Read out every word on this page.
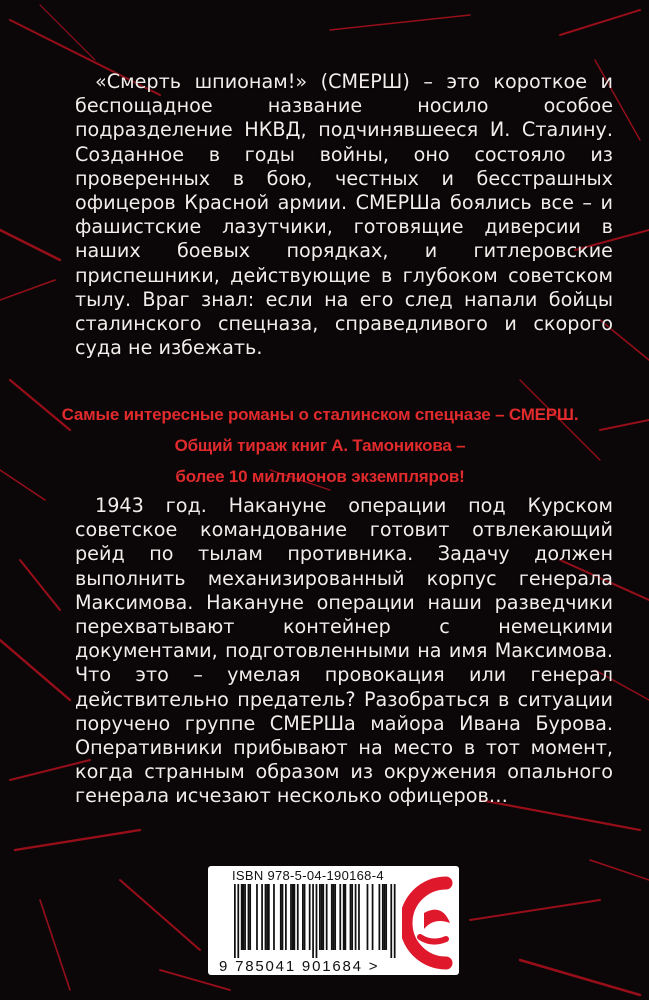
«Смерть шпионам!» (СМЕРШ) – это короткое и беспощадное название носило особое подразделение НКВД, подчинявшееся И. Сталину. Созданное в годы войны, оно состояло из проверенных в бою, честных и бесстрашных офицеров Красной армии. СМЕРШа боялись все – и фашистские лазутчики, готовящие диверсии в наших боевых порядках, и гитлеровские приспешники, действующие в глубоком советском тылу. Враг знал: если на его след напали бойцы сталинского спецназа, справедливого и скорого суда не избежать.

Самые интересные романы о сталинском спецназе – СМЕРШ.
Общий тираж книг А. Тамоникова –
более 10 миллионов экземпляров!

1943 год. Накануне операции под Курском советское командование готовит отвлекающий рейд по тылам противника. Задачу должен выполнить механизированный корпус генерала Максимова. Накануне операции наши разведчики перехватывают контейнер с немецкими документами, подготовленными на имя Максимова. Что это – умелая провокация или генерал действительно предатель? Разобраться в ситуации поручено группе СМЕРШа майора Ивана Бурова. Оперативники прибывают на место в тот момент, когда странным образом из окружения опального генерала исчезают несколько офицеров…

ISBN 978-5-04-190168-4
9 785041 901684 >
